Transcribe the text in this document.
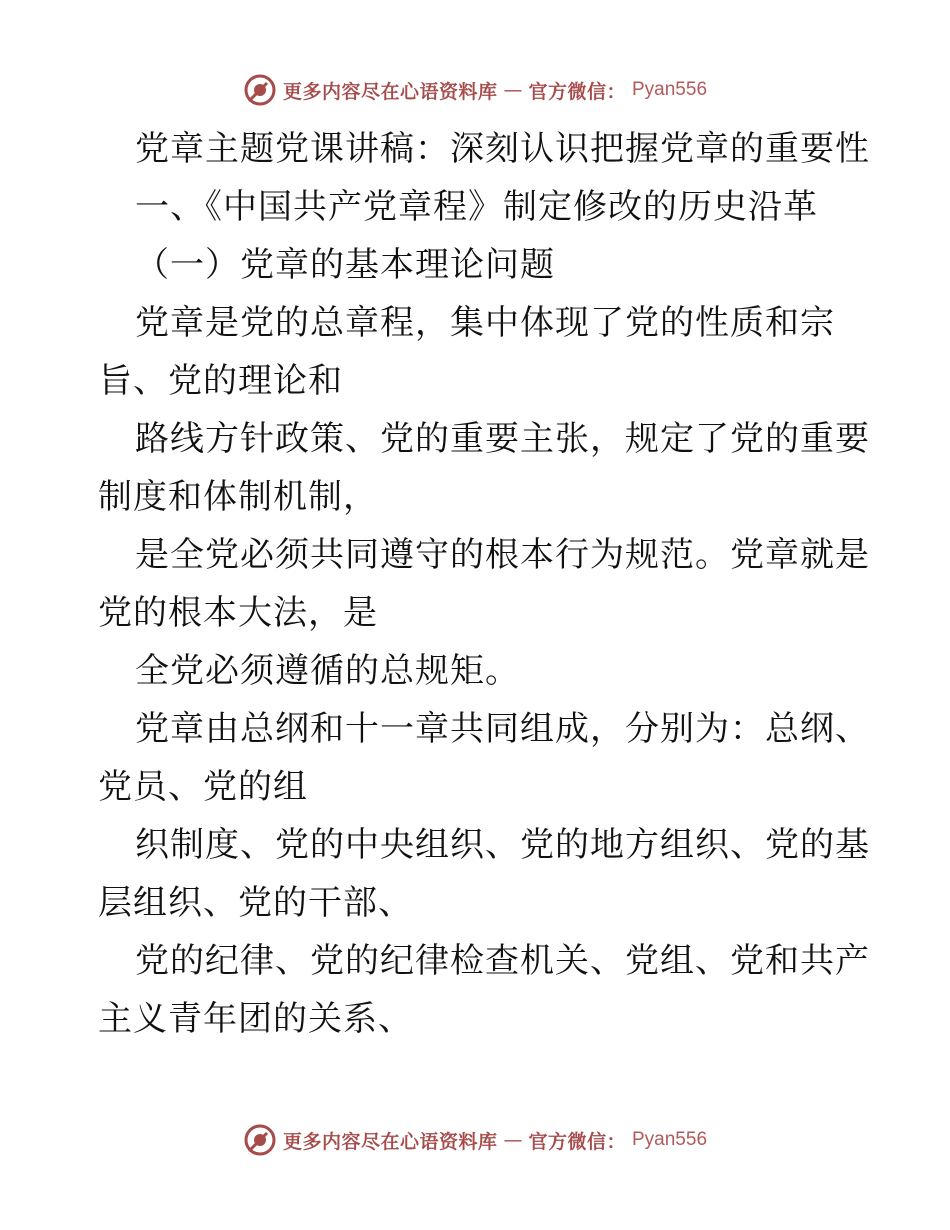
更多内容尽在心语资料库 — 官方微信： Pyan556
党章主题党课讲稿：深刻认识把握党章的重要性
一、《中国共产党章程》制定修改的历史沿革
（一）党章的基本理论问题
党章是党的总章程，集中体现了党的性质和宗
旨、党的理论和
路线方针政策、党的重要主张，规定了党的重要
制度和体制机制，
是全党必须共同遵守的根本行为规范。党章就是
党的根本大法，是
全党必须遵循的总规矩。
党章由总纲和十一章共同组成，分别为：总纲、
党员、党的组
织制度、党的中央组织、党的地方组织、党的基
层组织、党的干部、
党的纪律、党的纪律检查机关、党组、党和共产
主义青年团的关系、
更多内容尽在心语资料库 — 官方微信： Pyan556
